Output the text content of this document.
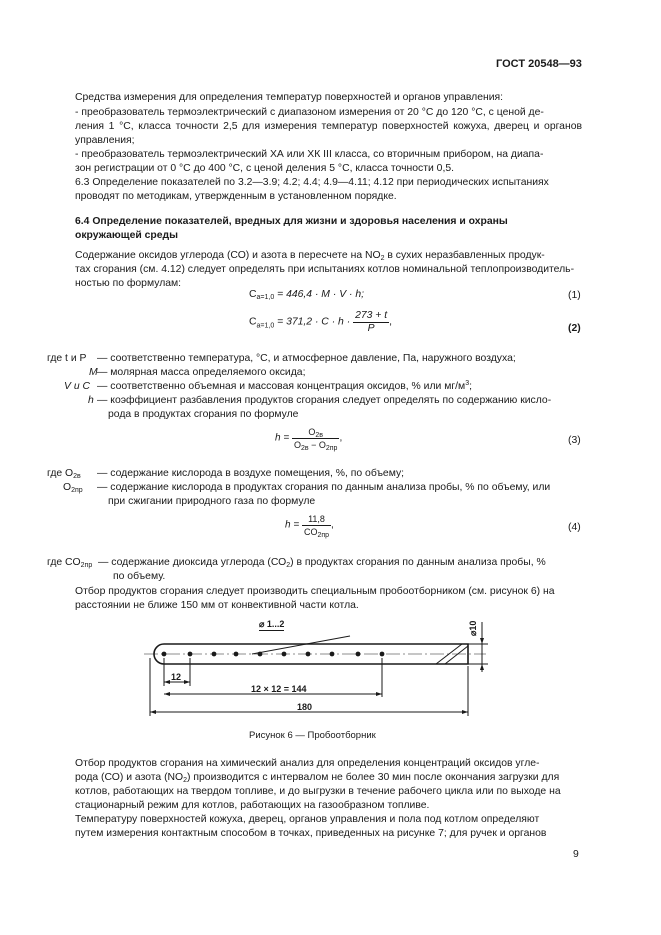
ГОСТ 20548—93
Средства измерения для определения температур поверхностей и органов управления:
- преобразователь термоэлектрический с диапазоном измерения от 20 °С до 120 °С, с ценой де-
ления 1 °С, класса точности 2,5 для измерения температур поверхностей кожуха, дверец и органов
управления;
- преобразователь термоэлектрический ХА или ХК III класса, со вторичным прибором, на диапа-
зон регистрации от 0 °С до 400 °С, с ценой деления 5 °С, класса точности 0,5.
6.3 Определение показателей по 3.2—3.9; 4.2; 4.4; 4.9—4.11; 4.12 при периодических испытаниях
проводят по методикам, утвержденным в установленном порядке.
6.4 Определение показателей, вредных для жизни и здоровья населения и охраны
окружающей среды
Содержание оксидов углерода (СО) и азота в пересчете на $NO_2$ в сухих неразбавленных продук-
тах сгорания (см. 4.12) следует определять при испытаниях котлов номинальной теплопроизводитель-
ностью по формулам:
$C_{a=1,0} = 446,4 \cdot M \cdot V \cdot h$;	(1)
$C_{a=1,0} = 371,2 \cdot C \cdot h \cdot \frac{273 + t}{P}$ ,
(2)
где t и P — соответственно температура, °С, и атмосферное давление, Па, наружного воздуха;
M — молярная масса определяемого оксида;
V и C — соответственно объемная и массовая концентрация оксидов, % или $мг/м^3$;
h — коэффициент разбавления продуктов сгорания следует определять по содержанию кисло-
рода в продуктах сгорания по формуле
$h = \frac{O_{2в}}{O_{2в} - O_{2пр}}$ ,	(3)
где $O_{2в}$ — содержание кислорода в воздухе помещения, %, по объему;
$O_{2пр}$ — содержание кислорода в продуктах сгорания по данным анализа пробы, % по объему, или
при сжигании природного газа по формуле
$h = \frac{11,8}{CO_{2пр}}$ ,	(4)
где $CO_{2пр}$ — содержание диоксида углерода $(СО_2)$ в продуктах сгорания по данным анализа пробы, %
по объему.
Отбор продуктов сгорания следует производить специальным пробоотборником (см. рисунок 6) на
расстоянии не ближе 150 мм от конвективной части котла.
⌀ 1...2	⌀10
12
12 × 12 = 144
180
Рисунок 6 — Пробоотборник
Отбор продуктов сгорания на химический анализ для определения концентраций оксидов угле-
рода (СО) и азота $(NO_2)$ производится с интервалом не более 30 мин после окончания загрузки для
котлов, работающих на твердом топливе, и до выгрузки в течение рабочего цикла или по выходе на
стационарный режим для котлов, работающих на газообразном топливе.
Температуру поверхностей кожуха, дверец, органов управления и пола под котлом определяют
путем измерения контактным способом в точках, приведенных на рисунке 7; для ручек и органов
9
